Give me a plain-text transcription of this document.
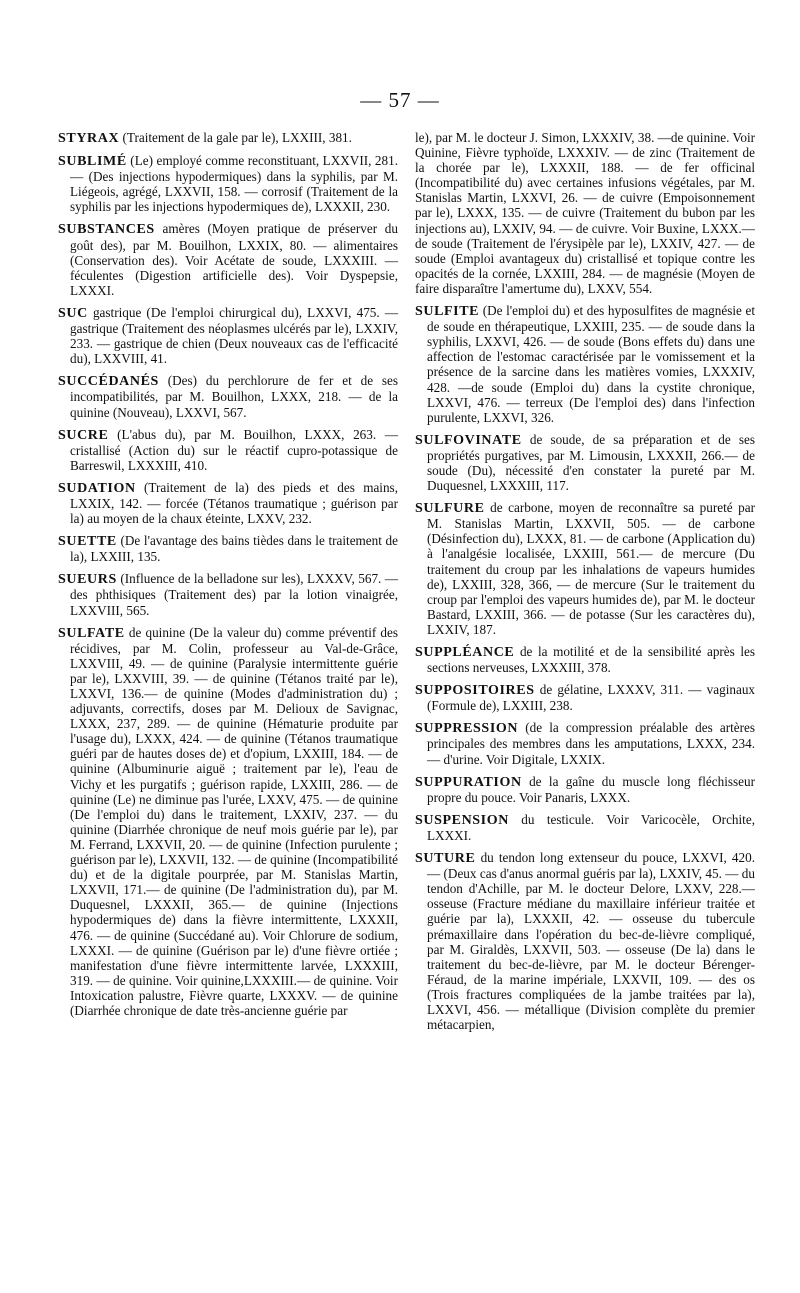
— 57 —

STYRAX (Traitement de la gale par le), LXXIII, 381.

SUBLIMÉ (Le) employé comme reconstituant, LXXVII, 281. — (Des injections hypodermiques) dans la syphilis, par M. Liégeois, agrégé, LXXVII, 158. — corrosif (Traitement de la syphilis par les injections hypodermiques de), LXXXII, 230.

SUBSTANCES amères (Moyen pratique de préserver du goût des), par M. Bouilhon, LXXIX, 80. — alimentaires (Conservation des). Voir Acétate de soude, LXXXIII. — féculentes (Digestion artificielle des). Voir Dyspepsie, LXXXI.

SUC gastrique (De l'emploi chirurgical du), LXXVI, 475. — gastrique (Traitement des néoplasmes ulcérés par le), LXXIV, 233. — gastrique de chien (Deux nouveaux cas de l'efficacité du), LXXVIII, 41.

SUCCÉDANÉS (Des) du perchlorure de fer et de ses incompatibilités, par M. Bouilhon, LXXX, 218. — de la quinine (Nouveau), LXXVI, 567.

SUCRE (L'abus du), par M. Bouilhon, LXXX, 263. — cristallisé (Action du) sur le réactif cupro-potassique de Barreswil, LXXXIII, 410.

SUDATION (Traitement de la) des pieds et des mains, LXXIX, 142. — forcée (Tétanos traumatique ; guérison par la) au moyen de la chaux éteinte, LXXV, 232.

SUETTE (De l'avantage des bains tièdes dans le traitement de la), LXXIII, 135.

SUEURS (Influence de la belladone sur les), LXXXV, 567. — des phthisiques (Traitement des) par la lotion vinaigrée, LXXVIII, 565.

SULFATE de quinine (De la valeur du) comme préventif des récidives, par M. Colin, professeur au Val-de-Grâce, LXXVIII, 49. — de quinine (Paralysie intermittente guérie par le), LXXVIII, 39. — de quinine (Tétanos traité par le), LXXVI, 136.— de quinine (Modes d'administration du) ; adjuvants, correctifs, doses par M. Delioux de Savignac, LXXX, 237, 289. — de quinine (Hématurie produite par l'usage du), LXXX, 424. — de quinine (Tétanos traumatique guéri par de hautes doses de) et d'opium, LXXIII, 184. — de quinine (Albuminurie aiguë ; traitement par le), l'eau de Vichy et les purgatifs ; guérison rapide, LXXIII, 286. — de quinine (Le) ne diminue pas l'urée, LXXV, 475. — de quinine (De l'emploi du) dans le traitement, LXXIV, 237. — du quinine (Diarrhée chronique de neuf mois guérie par le), par M. Ferrand, LXXVII, 20. — de quinine (Infection purulente ; guérison par le), LXXVII, 132. — de quinine (Incompatibilité du) et de la digitale pourprée, par M. Stanislas Martin, LXXVII, 171.— de quinine (De l'administration du), par M. Duquesnel, LXXXII, 365.— de quinine (Injections hypodermiques de) dans la fièvre intermittente, LXXXII, 476. — de quinine (Succédané au). Voir Chlorure de sodium, LXXXI. — de quinine (Guérison par le) d'une fièvre ortiée ; manifestation d'une fièvre intermittente larvée, LXXXIII, 319. — de quinine. Voir quinine,LXXXIII.— de quinine. Voir Intoxication palustre, Fièvre quarte, LXXXV. — de quinine (Diarrhée chronique de date très-ancienne guérie par

le), par M. le docteur J. Simon, LXXXIV, 38. —de quinine. Voir Quinine, Fièvre typhoïde, LXXXIV. — de zinc (Traitement de la chorée par le), LXXXII, 188. — de fer officinal (Incompatibilité du) avec certaines infusions végétales, par M. Stanislas Martin, LXXVI, 26. — de cuivre (Empoisonnement par le), LXXX, 135. — de cuivre (Traitement du bubon par les injections au), LXXIV, 94. — de cuivre. Voir Buxine, LXXX.— de soude (Traitement de l'érysipèle par le), LXXIV, 427. — de soude (Emploi avantageux du) cristallisé et topique contre les opacités de la cornée, LXXIII, 284. — de magnésie (Moyen de faire disparaître l'amertume du), LXXV, 554.

SULFITE (De l'emploi du) et des hyposulfites de magnésie et de soude en thérapeutique, LXXIII, 235. — de soude dans la syphilis, LXXVI, 426. — de soude (Bons effets du) dans une affection de l'estomac caractérisée par le vomissement et la présence de la sarcine dans les matières vomies, LXXXIV, 428. —de soude (Emploi du) dans la cystite chronique, LXXVI, 476. — terreux (De l'emploi des) dans l'infection purulente, LXXVI, 326.

SULFOVINATE de soude, de sa préparation et de ses propriétés purgatives, par M. Limousin, LXXXII, 266.— de soude (Du), nécessité d'en constater la pureté par M. Duquesnel, LXXXIII, 117.

SULFURE de carbone, moyen de reconnaître sa pureté par M. Stanislas Martin, LXXVII, 505. — de carbone (Désinfection du), LXXX, 81. — de carbone (Application du) à l'analgésie localisée, LXXIII, 561.— de mercure (Du traitement du croup par les inhalations de vapeurs humides de), LXXIII, 328, 366, — de mercure (Sur le traitement du croup par l'emploi des vapeurs humides de), par M. le docteur Bastard, LXXIII, 366. — de potasse (Sur les caractères du), LXXIV, 187.

SUPPLÉANCE de la motilité et de la sensibilité après les sections nerveuses, LXXXIII, 378.

SUPPOSITOIRES de gélatine, LXXXV, 311. — vaginaux (Formule de), LXXIII, 238.

SUPPRESSION (de la compression préalable des artères principales des membres dans les amputations, LXXX, 234. — d'urine. Voir Digitale, LXXIX.

SUPPURATION de la gaîne du muscle long fléchisseur propre du pouce. Voir Panaris, LXXX.

SUSPENSION du testicule. Voir Varicocèle, Orchite, LXXXI.

SUTURE du tendon long extenseur du pouce, LXXVI, 420. — (Deux cas d'anus anormal guéris par la), LXXIV, 45. — du tendon d'Achille, par M. le docteur Delore, LXXV, 228.— osseuse (Fracture médiane du maxillaire inférieur traitée et guérie par la), LXXXII, 42. — osseuse du tubercule prémaxillaire dans l'opération du bec-de-lièvre compliqué, par M. Giraldès, LXXVII, 503. — osseuse (De la) dans le traitement du bec-de-lièvre, par M. le docteur Bérenger-Féraud, de la marine impériale, LXXVII, 109. — des os (Trois fractures compliquées de la jambe traitées par la), LXXVI, 456. — métallique (Division complète du premier métacarpien,
